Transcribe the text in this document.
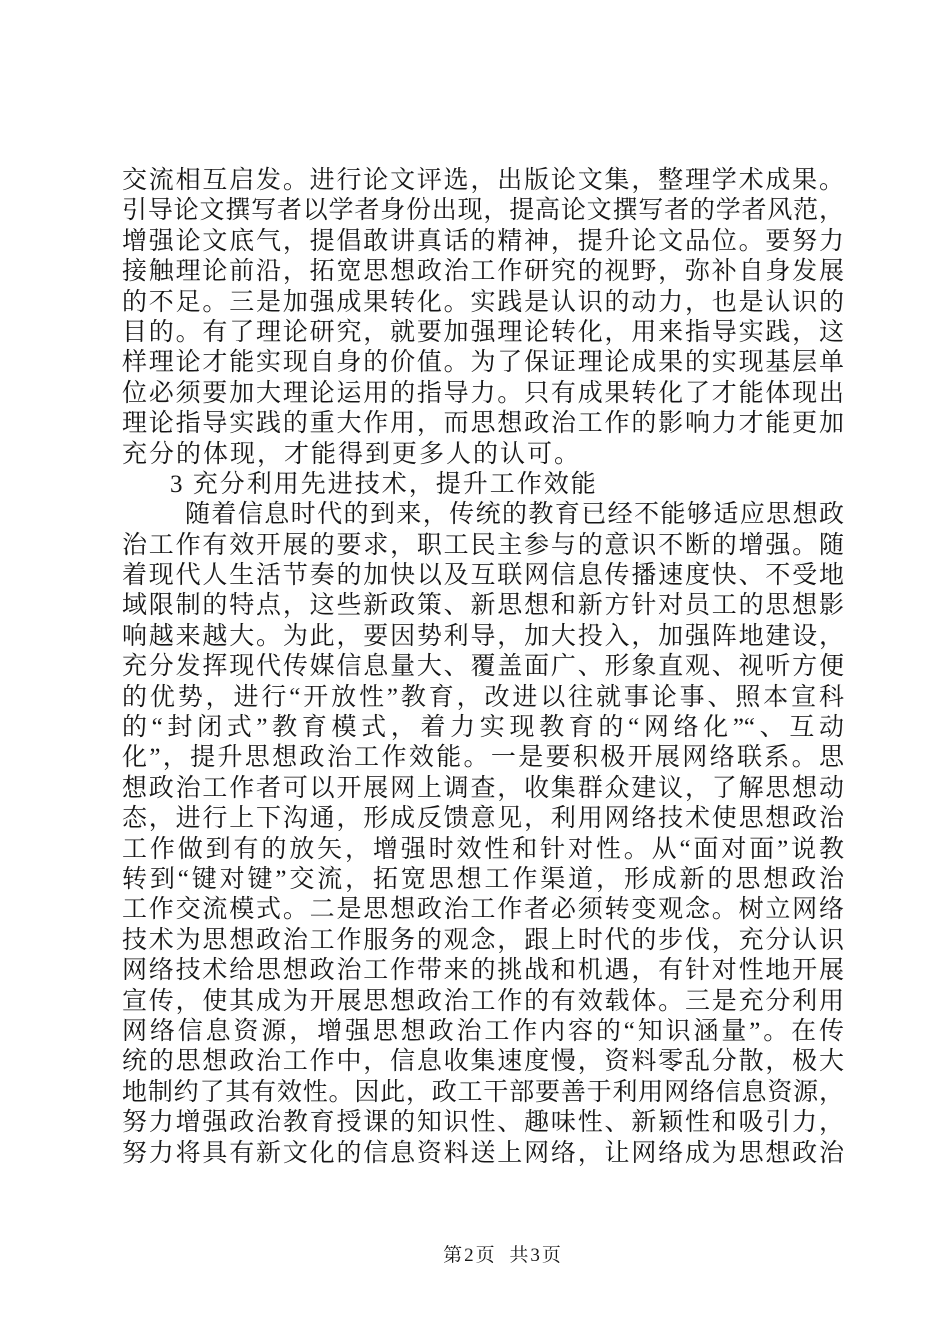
交流相互启发。进行论文评选，出版论文集，整理学术成果。
引导论文撰写者以学者身份出现，提高论文撰写者的学者风范，
增强论文底气，提倡敢讲真话的精神，提升论文品位。要努力
接触理论前沿，拓宽思想政治工作研究的视野，弥补自身发展
的不足。三是加强成果转化。实践是认识的动力，也是认识的
目的。有了理论研究，就要加强理论转化，用来指导实践，这
样理论才能实现自身的价值。为了保证理论成果的实现基层单
位必须要加大理论运用的指导力。只有成果转化了才能体现出
理论指导实践的重大作用，而思想政治工作的影响力才能更加
充分的体现，才能得到更多人的认可。
3 充分利用先进技术，提升工作效能
随着信息时代的到来，传统的教育已经不能够适应思想政
治工作有效开展的要求，职工民主参与的意识不断的增强。随
着现代人生活节奏的加快以及互联网信息传播速度快、不受地
域限制的特点，这些新政策、新思想和新方针对员工的思想影
响越来越大。为此，要因势利导，加大投入，加强阵地建设，
充分发挥现代传媒信息量大、覆盖面广、形象直观、视听方便
的优势，进行“开放性”教育，改进以往就事论事、照本宣科
的“封闭式”教育模式，着力实现教育的“网络化”“、互动
化”，提升思想政治工作效能。一是要积极开展网络联系。思
想政治工作者可以开展网上调查，收集群众建议，了解思想动
态，进行上下沟通，形成反馈意见，利用网络技术使思想政治
工作做到有的放矢，增强时效性和针对性。从“面对面”说教
转到“键对键”交流，拓宽思想工作渠道，形成新的思想政治
工作交流模式。二是思想政治工作者必须转变观念。树立网络
技术为思想政治工作服务的观念，跟上时代的步伐，充分认识
网络技术给思想政治工作带来的挑战和机遇，有针对性地开展
宣传，使其成为开展思想政治工作的有效载体。三是充分利用
网络信息资源，增强思想政治工作内容的“知识涵量”。在传
统的思想政治工作中，信息收集速度慢，资料零乱分散，极大
地制约了其有效性。因此，政工干部要善于利用网络信息资源，
努力增强政治教育授课的知识性、趣味性、新颖性和吸引力，
努力将具有新文化的信息资料送上网络，让网络成为思想政治
第2页 共3页
